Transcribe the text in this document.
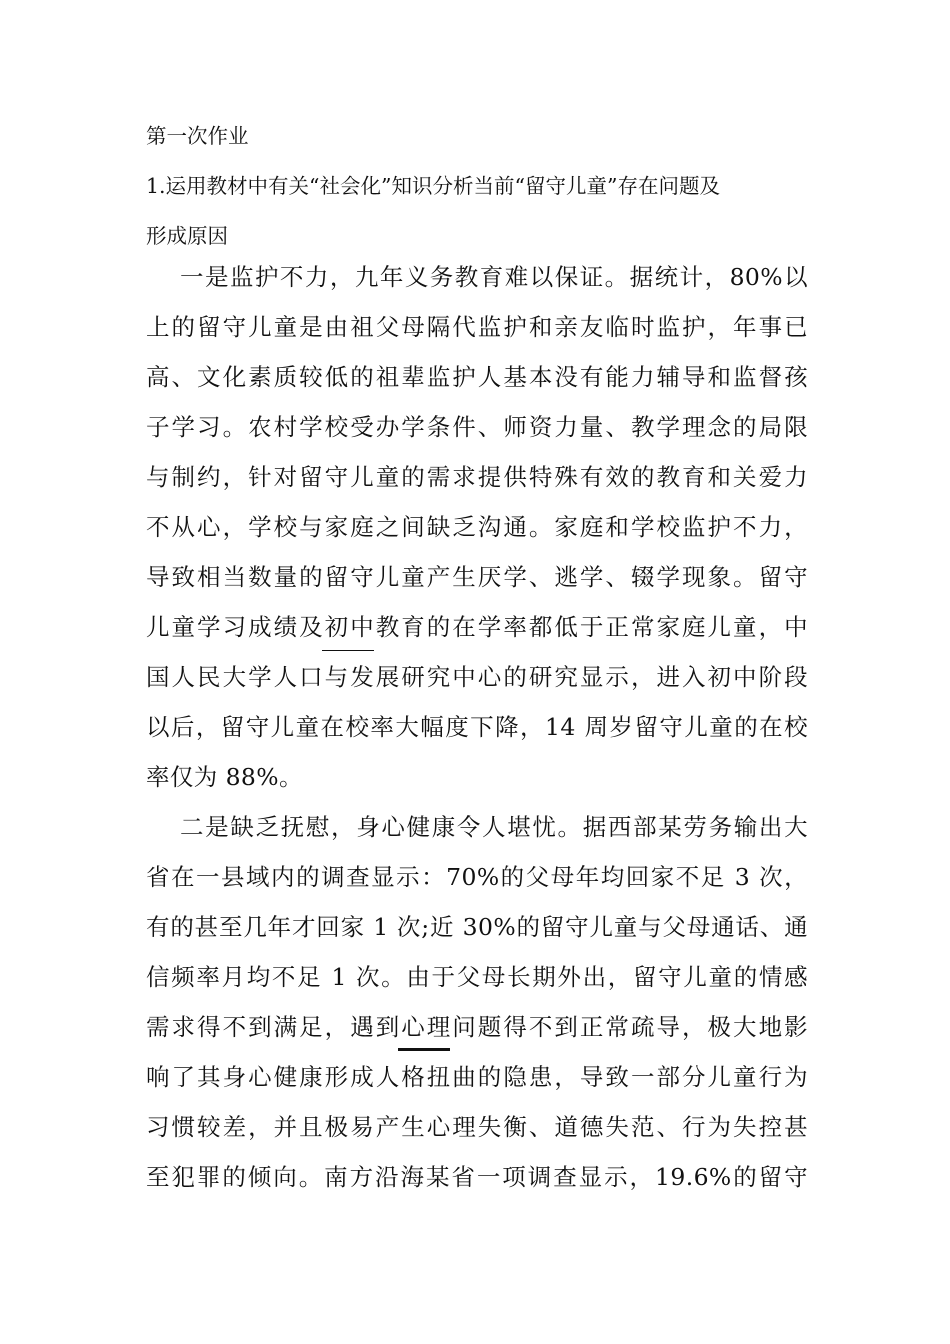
第一次作业
1.运用教材中有关“社会化”知识分析当前“留守儿童”存在问题及
形成原因
一是监护不力，九年义务教育难以保证。据统计，80%以
上的留守儿童是由祖父母隔代监护和亲友临时监护，年事已
高、文化素质较低的祖辈监护人基本没有能力辅导和监督孩
子学习。农村学校受办学条件、师资力量、教学理念的局限
与制约，针对留守儿童的需求提供特殊有效的教育和关爱力
不从心，学校与家庭之间缺乏沟通。家庭和学校监护不力，
导致相当数量的留守儿童产生厌学、逃学、辍学现象。留守
儿童学习成绩及初中教育的在学率都低于正常家庭儿童，中
国人民大学人口与发展研究中心的研究显示，进入初中阶段
以后，留守儿童在校率大幅度下降，14 周岁留守儿童的在校
率仅为 88%。
二是缺乏抚慰，身心健康令人堪忧。据西部某劳务输出大
省在一县域内的调查显示：70%的父母年均回家不足 3 次，
有的甚至几年才回家 1 次;近 30%的留守儿童与父母通话、通
信频率月均不足 1 次。由于父母长期外出，留守儿童的情感
需求得不到满足，遇到心理问题得不到正常疏导，极大地影
响了其身心健康形成人格扭曲的隐患，导致一部分儿童行为
习惯较差，并且极易产生心理失衡、道德失范、行为失控甚
至犯罪的倾向。南方沿海某省一项调查显示，19.6%的留守
